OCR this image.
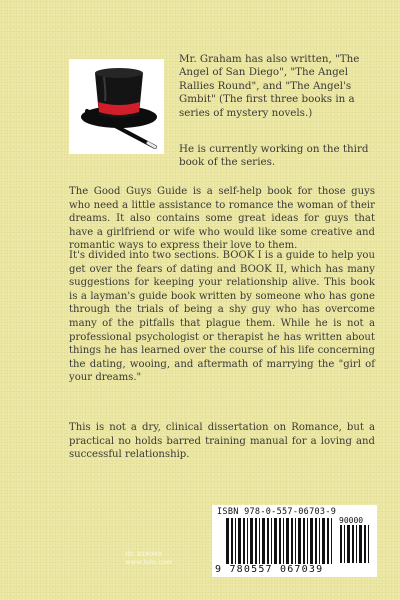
Mr. Graham has also written, "The Angel of San Diego", "The Angel Rallies Round", and "The Angel's Gmbit" (The first three books in a series of mystery novels.)

He is currently working on the third book of the series.

The Good Guys Guide is a self-help book for those guys who need a little assistance to romance the woman of their dreams. It also contains some great ideas for guys that have a girlfriend or wife who would like some creative and romantic ways to express their love to them.

It's divided into two sections. BOOK I is a guide to help you get over the fears of dating and BOOK II, which has many suggestions for keeping your relationship alive. This book is a layman's guide book written by someone who has gone through the trials of being a shy guy who has overcome many of the pitfalls that plague them. While he is not a professional psychologist or therapist he has written about things he has learned over the course of his life concerning the dating, wooing, and aftermath of marrying the "girl of your dreams."

This is not a dry, clinical dissertation on Romance, but a practical no holds barred training manual for a loving and successful relationship.

ID: 838049
www.lulu.com
ISBN 978-0-557-06703-9
90000
9 780557 067039
